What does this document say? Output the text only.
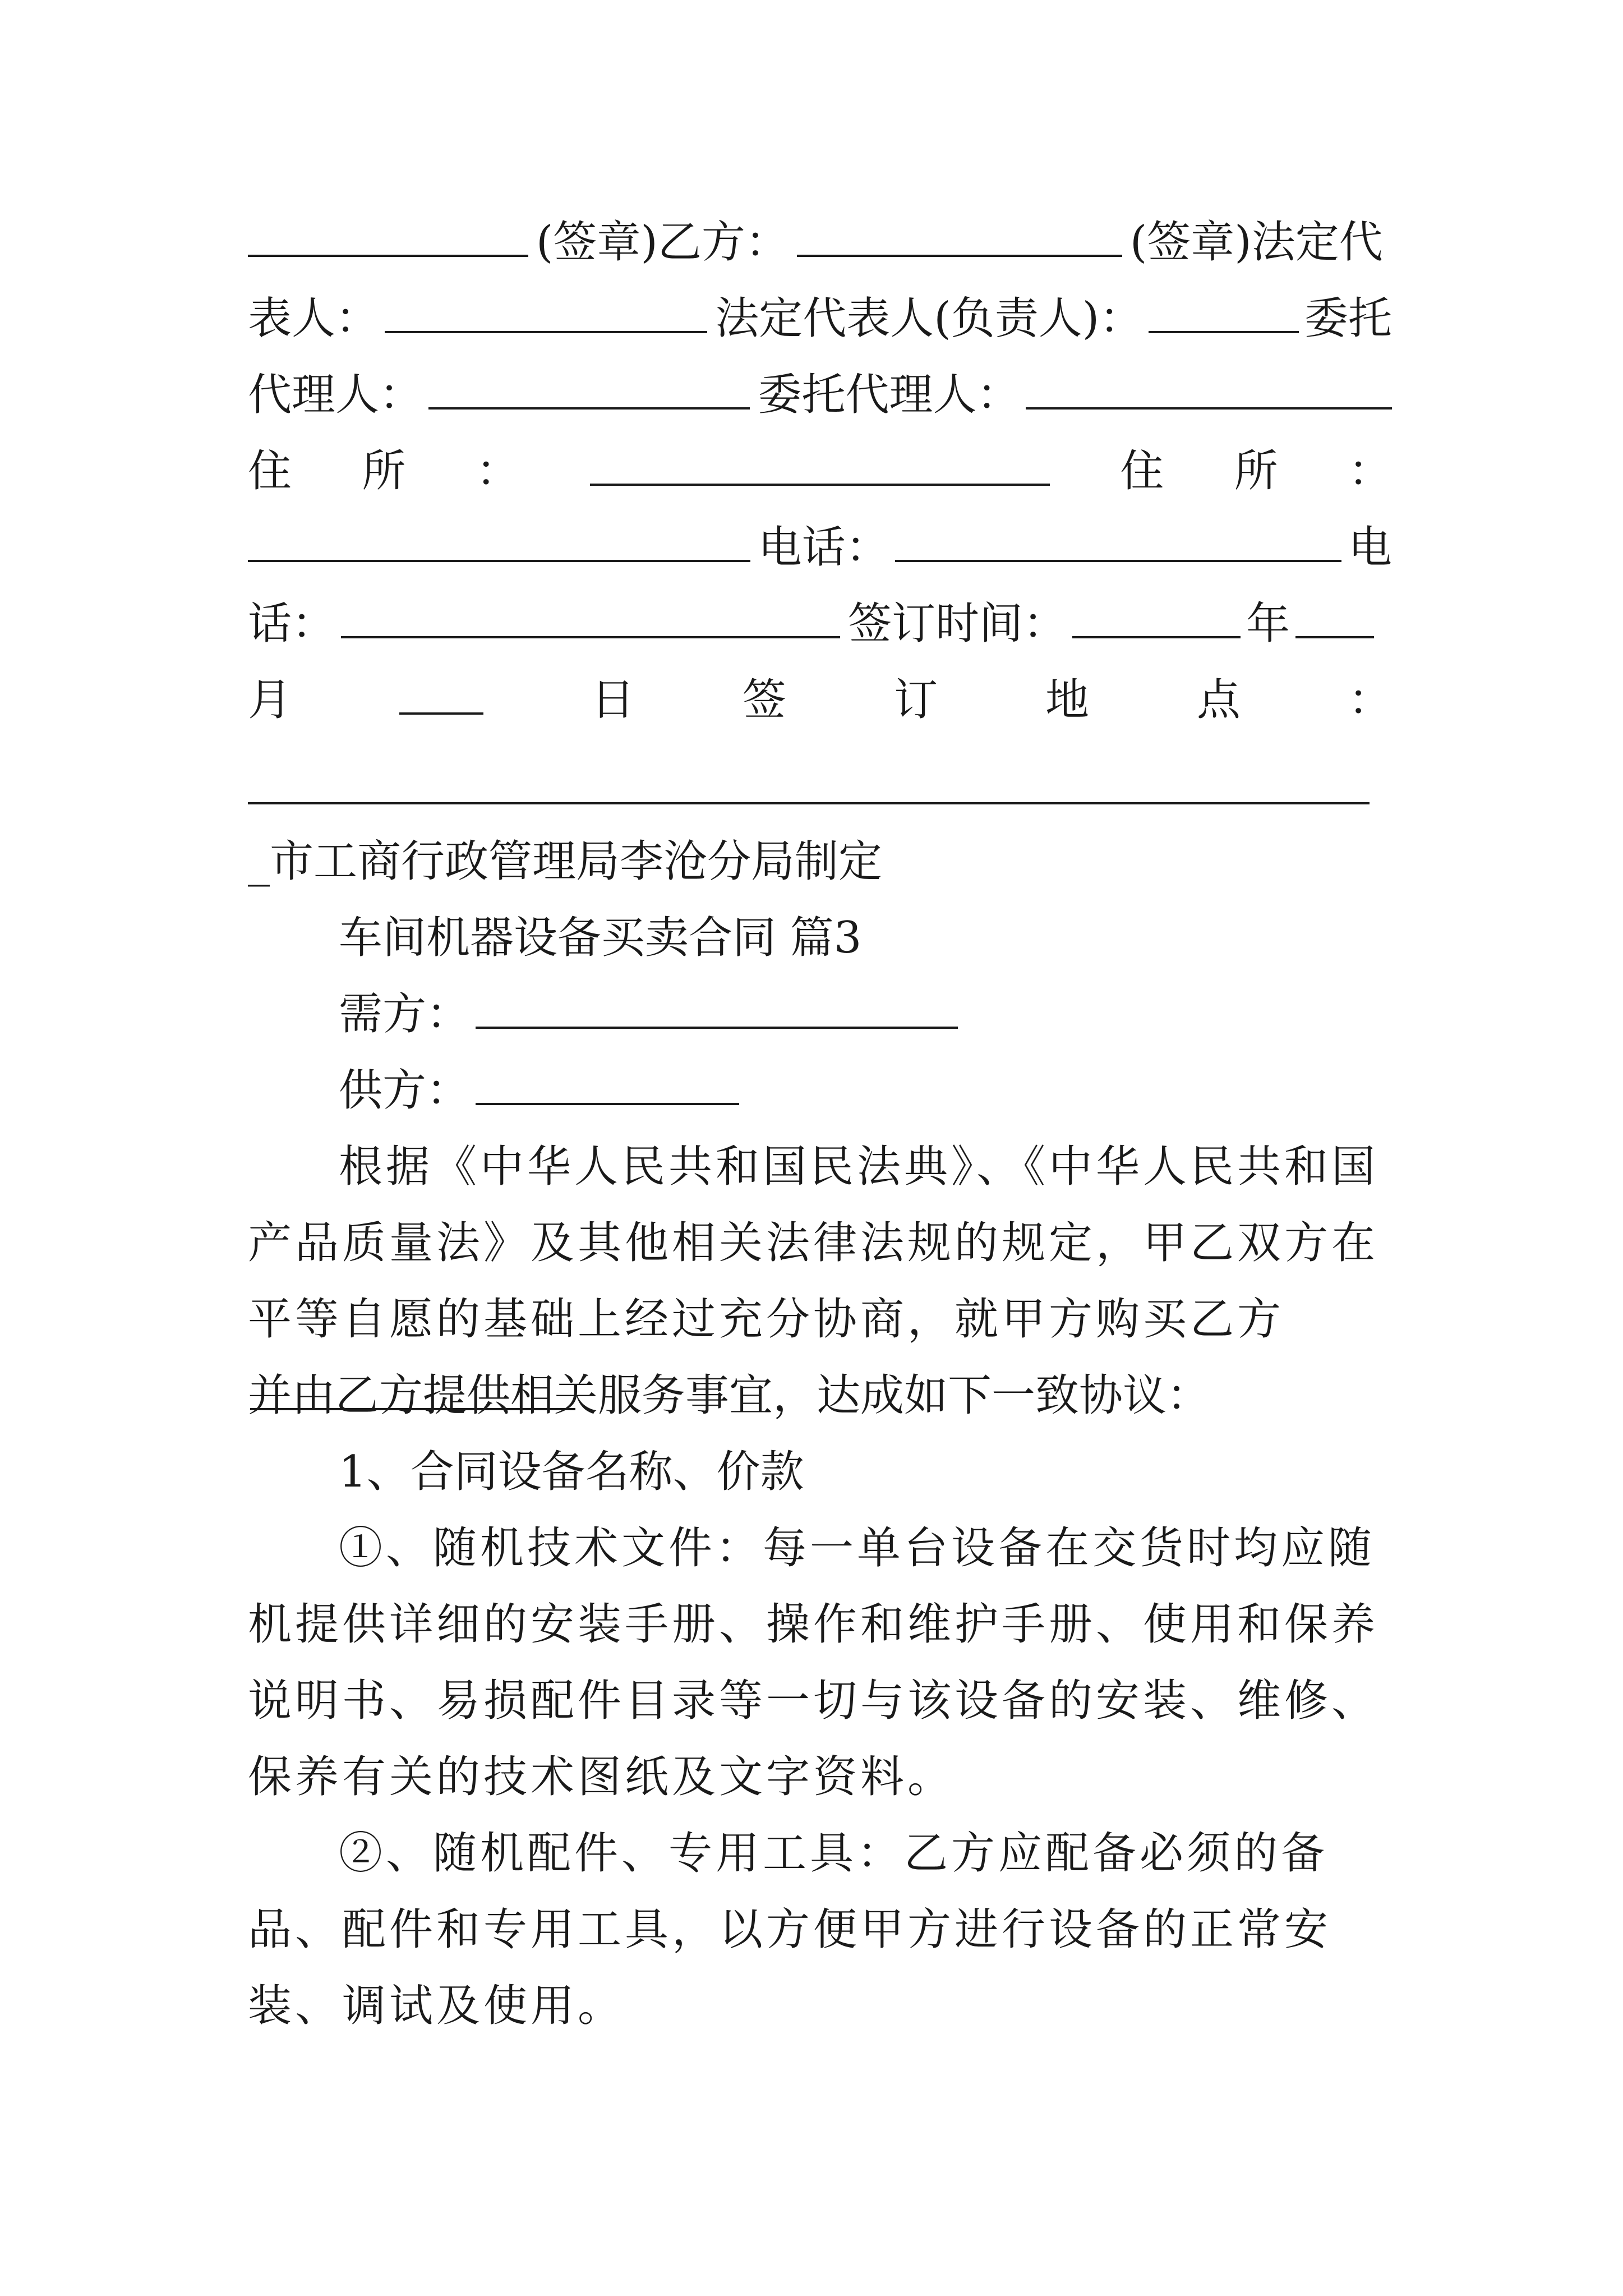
(签章)乙方：	(签章)法定代
表人：	法定代表人(负责人)：	委托
代理人：	委托代理人：
住 所 ：	住 所 ：
电话：	电
话：	签订时间：	年
月	日 签 订 地 点 ：
_市工商行政管理局李沧分局制定
车间机器设备买卖合同 篇3
需方：
供方：
根据《中华人民共和国民法典》、《中华人民共和国产品质量法》及其他相关法律法规的规定，甲乙双方在平等自愿的基础上经过充分协商，就甲方购买乙方
并由乙方提供相关服务事宜，达成如下一致协议：
1、合同设备名称、价款
①、随机技术文件：每一单台设备在交货时均应随机提供详细的安装手册、操作和维护手册、使用和保养说明书、易损配件目录等一切与该设备的安装、维修、保养有关的技术图纸及文字资料。
②、随机配件、专用工具：乙方应配备必须的备品、配件和专用工具，以方便甲方进行设备的正常安装、调试及使用。
